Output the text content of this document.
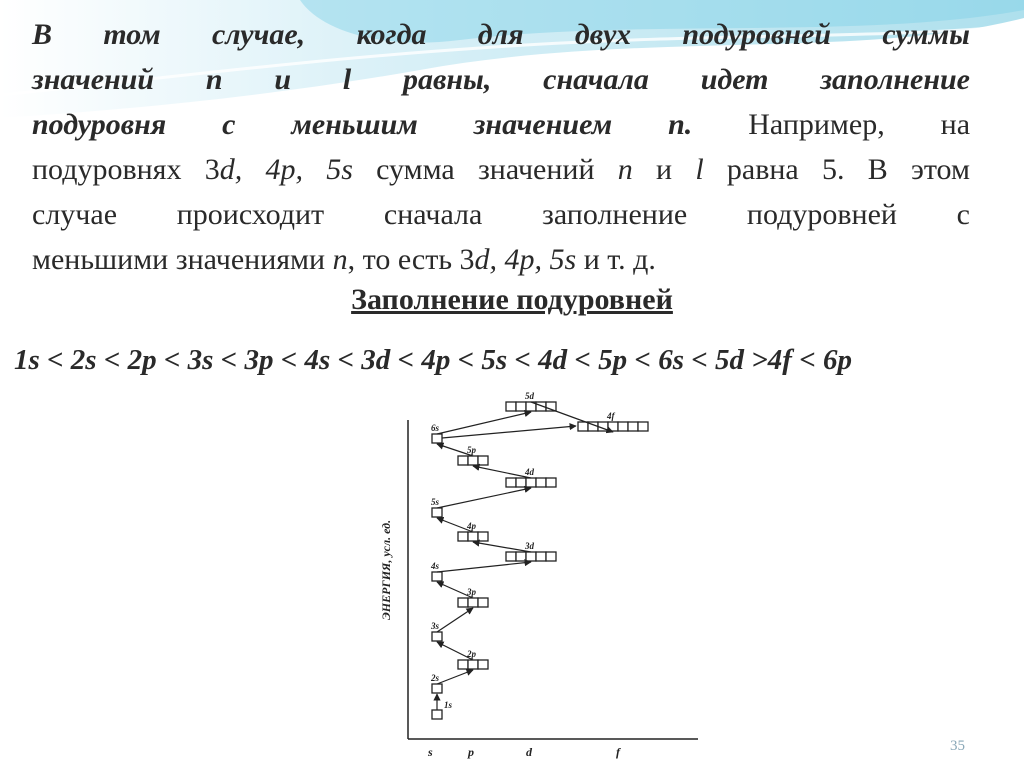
В том случае, когда для двух подуровней суммы
значений n и l равны, сначала идет заполнение
подуровня с меньшим значением n. Например, на
подуровнях 3d, 4p, 5s сумма значений n и l равна 5. В этом
случае происходит сначала заполнение подуровней с
меньшими значениями n, то есть 3d, 4p, 5s и т. д.
Заполнение подуровней
1s < 2s < 2p < 3s < 3p < 4s < 3d < 4p < 5s < 4d < 5p < 6s < 5d >4f < 6p
ЭНЕРГИЯ, усл. ед.
s	p	d	f
1s
2s
2p
3s
3p
4s
3d
4p
5s
4d
5p
6s
5d
4f
35
